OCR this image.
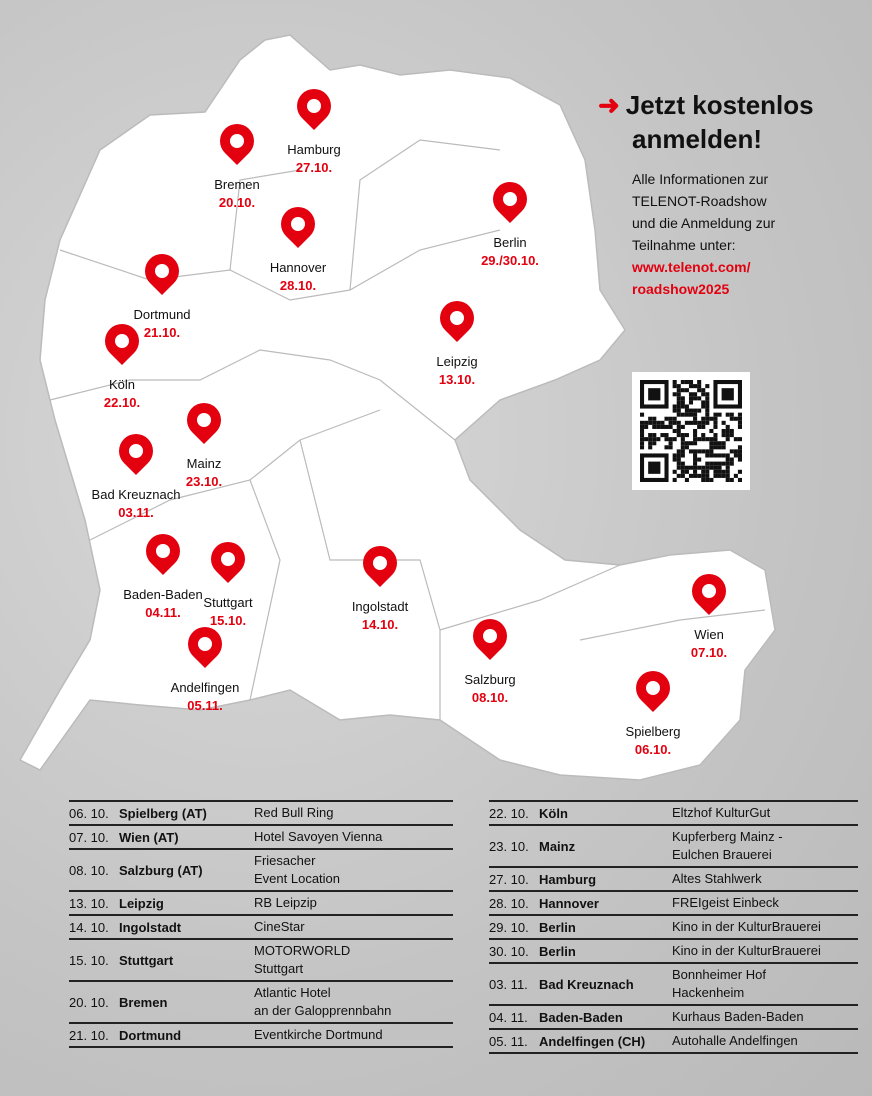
Hamburg
27.10.
Bremen
20.10.
Hannover
28.10.
Berlin
29./30.10.
Dortmund
21.10.
Leipzig
13.10.
Köln
22.10.
Mainz
23.10.
Bad Kreuznach
03.11.
Baden-Baden
04.11.
Stuttgart
15.10.
Ingolstadt
14.10.
Andelfingen
05.11.
Salzburg
08.10.
Wien
07.10.
Spielberg
06.10.
➜ Jetzt kostenlos
anmelden!
Alle Informationen zur
TELENOT-Roadshow
und die Anmeldung zur
Teilnahme unter:
www.telenot.com/
roadshow2025
06. 10. Spielberg (AT)	Red Bull Ring
07. 10. Wien (AT)	Hotel Savoyen Vienna
08. 10. Salzburg (AT)
Friesacher
Event Location
13. 10. Leipzig	RB Leipzip
14. 10. Ingolstadt	CineStar
15. 10. Stuttgart
MOTORWORLD
Stuttgart
20. 10. Bremen
Atlantic Hotel
an der Galopprennbahn
21. 10. Dortmund	Eventkirche Dortmund
22. 10. Köln	Eltzhof KulturGut
23. 10. Mainz
Kupferberg Mainz -
Eulchen Brauerei
27. 10. Hamburg	Altes Stahlwerk
28. 10. Hannover	FREIgeist Einbeck
29. 10. Berlin	Kino in der KulturBrauerei
30. 10. Berlin	Kino in der KulturBrauerei
03. 11. Bad Kreuznach
Bonnheimer Hof
Hackenheim
04. 11. Baden-Baden	Kurhaus Baden-Baden
05. 11. Andelfingen (CH)	Autohalle Andelfingen
